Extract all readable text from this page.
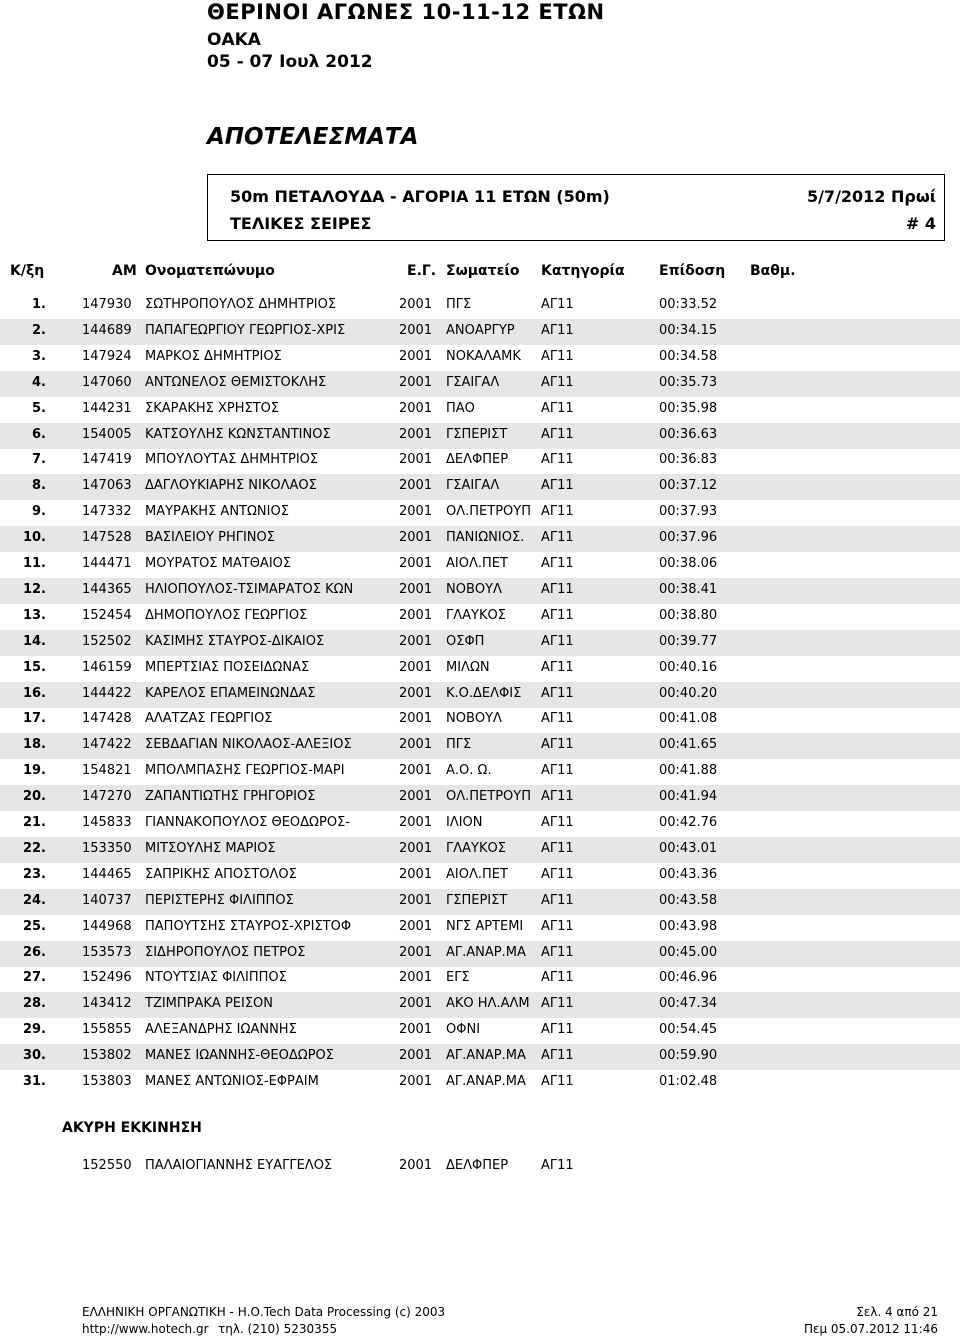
ΘΕΡΙΝΟΙ ΑΓΩΝΕΣ 10-11-12 ΕΤΩΝ
ΟΑΚΑ
05 - 07 Ιουλ 2012
ΑΠΟΤΕΛΕΣΜΑΤΑ
50m ΠΕΤΑΛΟΥΔΑ - ΑΓΟΡΙΑ 11 ΕΤΩΝ (50m)	5/7/2012 Πρωί
ΤΕΛΙΚΕΣ ΣΕΙΡΕΣ	# 4
Κ/ξη	ΑΜ Ονοματεπώνυμο	Ε.Γ. Σωματείο Κατηγορία Επίδοση Βαθμ.
1.	147930 ΣΩΤΗΡΟΠΟΥΛΟΣ ΔΗΜΗΤΡΙΟΣ	2001 ΠΓΣ	ΑΓ11	00:33.52
2.	144689 ΠΑΠΑΓΕΩΡΓΙΟΥ ΓΕΩΡΓΙΟΣ-ΧΡΙΣ	2001 ΑΝΟΑΡΓΥΡ ΑΓ11	00:34.15
3.	147924 ΜΑΡΚΟΣ ΔΗΜΗΤΡΙΟΣ	2001 ΝΟΚΑΛΑΜΚ ΑΓ11	00:34.58
4.	147060 ΑΝΤΩΝΕΛΟΣ ΘΕΜΙΣΤΟΚΛΗΣ	2001 ΓΣΑΙΓΑΛ	ΑΓ11	00:35.73
5.	144231 ΣΚΑΡΑΚΗΣ ΧΡΗΣΤΟΣ	2001 ΠΑΟ	ΑΓ11	00:35.98
6.	154005 ΚΑΤΣΟΥΛΗΣ ΚΩΝΣΤΑΝΤΙΝΟΣ	2001 ΓΣΠΕΡΙΣΤ	ΑΓ11	00:36.63
7.	147419 ΜΠΟΥΛΟΥΤΑΣ ΔΗΜΗΤΡΙΟΣ	2001 ΔΕΛΦΠΕΡ	ΑΓ11	00:36.83
8.	147063 ΔΑΓΛΟΥΚΙΑΡΗΣ ΝΙΚΟΛΑΟΣ	2001 ΓΣΑΙΓΑΛ	ΑΓ11	00:37.12
9.	147332 ΜΑΥΡΑΚΗΣ ΑΝΤΩΝΙΟΣ	2001 ΟΛ.ΠΕΤΡΟΥΠ ΑΓ11	00:37.93
10.	147528 ΒΑΣΙΛΕΙΟΥ ΡΗΓΙΝΟΣ	2001 ΠΑΝΙΩΝΙΟΣ. ΑΓ11	00:37.96
11.	144471 ΜΟΥΡΑΤΟΣ ΜΑΤΘΑΙΟΣ	2001 ΑΙΟΛ.ΠΕΤ	ΑΓ11	00:38.06
12.	144365 ΗΛΙΟΠΟΥΛΟΣ-ΤΣΙΜΑΡΑΤΟΣ ΚΩΝ	2001 ΝΟΒΟΥΛ	ΑΓ11	00:38.41
13.	152454 ΔΗΜΟΠΟΥΛΟΣ ΓΕΩΡΓΙΟΣ	2001 ΓΛΑΥΚΟΣ	ΑΓ11	00:38.80
14.	152502 ΚΑΣΙΜΗΣ ΣΤΑΥΡΟΣ-ΔΙΚΑΙΟΣ	2001 ΟΣΦΠ	ΑΓ11	00:39.77
15.	146159 ΜΠΕΡΤΣΙΑΣ ΠΟΣΕΙΔΩΝΑΣ	2001 ΜΙΛΩΝ	ΑΓ11	00:40.16
16.	144422 ΚΑΡΕΛΟΣ ΕΠΑΜΕΙΝΩΝΔΑΣ	2001 Κ.Ο.ΔΕΛΦΙΣ ΑΓ11	00:40.20
17.	147428 ΑΛΑΤΖΑΣ ΓΕΩΡΓΙΟΣ	2001 ΝΟΒΟΥΛ	ΑΓ11	00:41.08
18.	147422 ΣΕΒΔΑΓΙΑΝ ΝΙΚΟΛΑΟΣ-ΑΛΕΞΙΟΣ	2001 ΠΓΣ	ΑΓ11	00:41.65
19.	154821 ΜΠΟΛΜΠΑΣΗΣ ΓΕΩΡΓΙΟΣ-ΜΑΡΙ	2001 Α.Ο. Ω.	ΑΓ11	00:41.88
20.	147270 ΖΑΠΑΝΤΙΩΤΗΣ ΓΡΗΓΟΡΙΟΣ	2001 ΟΛ.ΠΕΤΡΟΥΠ ΑΓ11	00:41.94
21.	145833 ΓΙΑΝΝΑΚΟΠΟΥΛΟΣ ΘΕΟΔΩΡΟΣ-	2001 ΙΛΙΟΝ	ΑΓ11	00:42.76
22.	153350 ΜΙΤΣΟΥΛΗΣ ΜΑΡΙΟΣ	2001 ΓΛΑΥΚΟΣ	ΑΓ11	00:43.01
23.	144465 ΣΑΠΡΙΚΗΣ ΑΠΟΣΤΟΛΟΣ	2001 ΑΙΟΛ.ΠΕΤ	ΑΓ11	00:43.36
24.	140737 ΠΕΡΙΣΤΕΡΗΣ ΦΙΛΙΠΠΟΣ	2001 ΓΣΠΕΡΙΣΤ	ΑΓ11	00:43.58
25.	144968 ΠΑΠΟΥΤΣΗΣ ΣΤΑΥΡΟΣ-ΧΡΙΣΤΟΦ	2001 ΝΓΣ ΑΡΤΕΜΙ ΑΓ11	00:43.98
26.	153573 ΣΙΔΗΡΟΠΟΥΛΟΣ ΠΕΤΡΟΣ	2001 ΑΓ.ΑΝΑΡ.ΜΑ ΑΓ11	00:45.00
27.	152496 ΝΤΟΥΤΣΙΑΣ ΦΙΛΙΠΠΟΣ	2001 ΕΓΣ	ΑΓ11	00:46.96
28.	143412 ΤΖΙΜΠΡΑΚΑ ΡΕΙΣΟΝ	2001 ΑΚΟ ΗΛ.ΑΛΜ ΑΓ11	00:47.34
29.	155855 ΑΛΕΞΑΝΔΡΗΣ ΙΩΑΝΝΗΣ	2001 ΟΦΝΙ	ΑΓ11	00:54.45
30.	153802 ΜΑΝΕΣ ΙΩΑΝΝΗΣ-ΘΕΟΔΩΡΟΣ	2001 ΑΓ.ΑΝΑΡ.ΜΑ ΑΓ11	00:59.90
31.	153803 ΜΑΝΕΣ ΑΝΤΩΝΙΟΣ-ΕΦΡΑΙΜ	2001 ΑΓ.ΑΝΑΡ.ΜΑ ΑΓ11	01:02.48
ΑΚΥΡΗ ΕΚΚΙΝΗΣΗ
152550 ΠΑΛΑΙΟΓΙΑΝΝΗΣ ΕΥΑΓΓΕΛΟΣ	2001 ΔΕΛΦΠΕΡ	ΑΓ11
ΕΛΛΗΝΙΚΗ ΟΡΓΑΝΩΤΙΚΗ - Η.Ο.Tech Data Processing (c) 2003
http://www.hotech.gr τηλ. (210) 5230355
Σελ. 4 από 21
Πεμ 05.07.2012 11:46
